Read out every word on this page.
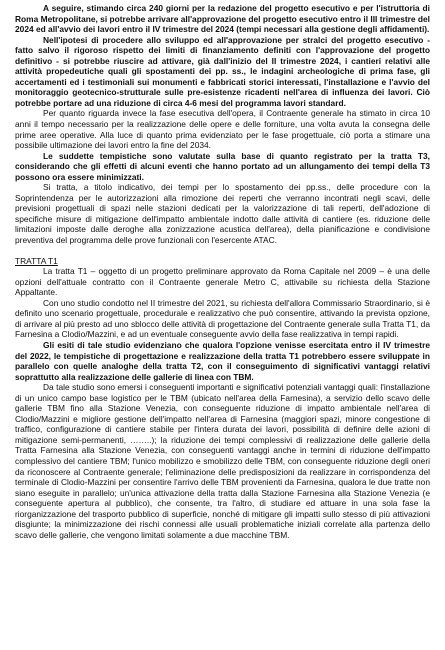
A seguire, stimando circa 240 giorni per la redazione del progetto esecutivo e per l'istruttoria di Roma Metropolitane, si potrebbe arrivare all'approvazione del progetto esecutivo entro il III trimestre del 2024 ed all'avvio dei lavori entro il IV trimestre del 2024 (tempi necessari alla gestione degli affidamenti).

Nell'ipotesi di procedere allo sviluppo ed all'approvazione per stralci del progetto esecutivo - fatto salvo il rigoroso rispetto dei limiti di finanziamento definiti con l'approvazione del progetto definitivo - si potrebbe riuscire ad attivare, già dall'inizio del II trimestre 2024, i cantieri relativi alle attività propedeutiche quali gli spostamenti dei pp. ss., le indagini archeologiche di prima fase, gli accertamenti ed i testimoniali sui monumenti e fabbricati storici interessati, l'installazione e l'avvio del monitoraggio geotecnico-strutturale sulle pre-esistenze ricadenti nell'area di influenza dei lavori. Ciò potrebbe portare ad una riduzione di circa 4-6 mesi del programma lavori standard.

Per quanto riguarda invece la fase esecutiva dell'opera, il Contraente generale ha stimato in circa 10 anni il tempo necessario per la realizzazione delle opere e delle forniture, una volta avuta la consegna delle prime aree operative. Alla luce di quanto prima evidenziato per le fase progettuale, ciò porta a stimare una possibile ultimazione dei lavori entro la fine del 2034.

Le suddette tempistiche sono valutate sulla base di quanto registrato per la tratta T3, considerando che gli effetti di alcuni eventi che hanno portato ad un allungamento dei tempi della T3 possono ora essere minimizzati.

Si tratta, a titolo indicativo, dei tempi per lo spostamento dei pp.ss., delle procedure con la Soprintendenza per le autorizzazioni alla rimozione dei reperti che verranno incontrati negli scavi, delle previsioni progettuali di spazi nelle stazioni dedicati per la valorizzazione di tali reperti, dell'adozione di specifiche misure di mitigazione dell'impatto ambientale indotto dalle attività di cantiere (es. riduzione delle limitazioni imposte dalle deroghe alla zonizzazione acustica dell'area), della pianificazione e condivisione preventiva del programma delle prove funzionali con l'esercente ATAC.

TRATTA T1

La tratta T1 – oggetto di un progetto preliminare approvato da Roma Capitale nel 2009 – è una delle opzioni dell'attuale contratto con il Contraente generale Metro C, attivabile su richiesta della Stazione Appaltante.

Con uno studio condotto nel II trimestre del 2021, su richiesta dell'allora Commissario Straordinario, si è definito uno scenario progettuale, procedurale e realizzativo che può consentire, attivando la prevista opzione, di arrivare al più presto ad uno sblocco delle attività di progettazione del Contraente generale sulla Tratta T1, da Farnesina a Clodio/Mazzini, e ad un eventuale conseguente avvio della fase realizzativa in tempi rapidi.

Gli esiti di tale studio evidenziano che qualora l'opzione venisse esercitata entro il IV trimestre del 2022, le tempistiche di progettazione e realizzazione della tratta T1 potrebbero essere sviluppate in parallelo con quelle analoghe della tratta T2, con il conseguimento di significativi vantaggi relativi soprattutto alla realizzazione delle gallerie di linea con TBM.

Da tale studio sono emersi i conseguenti importanti e significativi potenziali vantaggi quali: l'installazione di un unico campo base logistico per le TBM (ubicato nell'area della Farnesina), a servizio dello scavo delle gallerie TBM fino alla Stazione Venezia, con conseguente riduzione di impatto ambientale nell'area di Clodio/Mazzini e migliore gestione dell'impatto nell'area di Farnesina (maggiori spazi, minore congestione di traffico, configurazione di cantiere stabile per l'intera durata dei lavori, possibilità di definire delle azioni di mitigazione semi-permanenti, ……..); la riduzione dei tempi complessivi di realizzazione delle gallerie della Tratta Farnesina alla Stazione Venezia, con conseguenti vantaggi anche in termini di riduzione dell'impatto complessivo del cantiere TBM; l'unico mobilizzo e smobilizzo delle TBM, con conseguente riduzione degli oneri da riconoscere al Contraente generale; l'eliminazione delle predisposizioni da realizzare in corrispondenza del terminale di Clodio-Mazzini per consentire l'arrivo delle TBM provenienti da Farnesina, qualora le due tratte non siano eseguite in parallelo; un'unica attivazione della tratta dalla Stazione Farnesina alla Stazione Venezia (e conseguente apertura al pubblico), che consente, tra l'altro, di studiare ed attuare in una sola fase la riorganizzazione del trasporto pubblico di superficie, nonché di mitigare gli impatti sullo stesso di più attivazioni disgiunte; la minimizzazione dei rischi connessi alle usuali problematiche iniziali correlate alla partenza dello scavo delle gallerie, che vengono limitati solamente a due macchine TBM.
